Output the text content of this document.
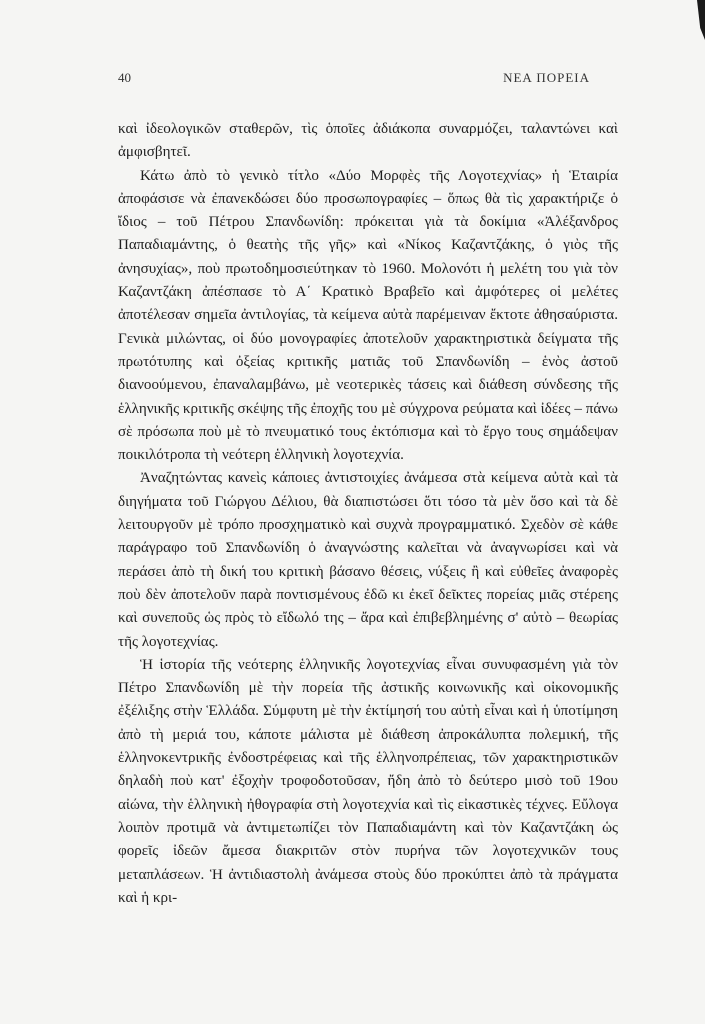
40	ΝΕΑ ΠΟΡΕΙΑ

καὶ ἰδεολογικῶν σταθερῶν, τὶς ὁποῖες ἀδιάκοπα συναρμόζει, ταλαντώνει καὶ ἀμφισβητεῖ.

Κάτω ἀπὸ τὸ γενικὸ τίτλο «Δύο Μορφὲς τῆς Λογοτεχνίας» ἡ Ἑταιρία ἀποφάσισε νὰ ἐπανεκδώσει δύο προσωπογραφίες – ὅπως θὰ τὶς χαρακτήριζε ὁ ἴδιος – τοῦ Πέτρου Σπανδωνίδη: πρόκειται γιὰ τὰ δοκίμια «Ἀλέξανδρος Παπαδιαμάντης, ὁ θεατὴς τῆς γῆς» καὶ «Νίκος Καζαντζάκης, ὁ γιὸς τῆς ἀνησυχίας», ποὺ πρωτοδημοσιεύτηκαν τὸ 1960. Μολονότι ἡ μελέτη του γιὰ τὸν Καζαντζάκη ἀπέσπασε τὸ Α΄ Κρατικὸ Βραβεῖο καὶ ἀμφότερες οἱ μελέτες ἀποτέλεσαν σημεῖα ἀντιλογίας, τὰ κείμενα αὐτὰ παρέμειναν ἔκτοτε ἀθησαύριστα. Γενικὰ μιλώντας, οἱ δύο μονογραφίες ἀποτελοῦν χαρακτηριστικὰ δείγματα τῆς πρωτότυπης καὶ ὀξείας κριτικῆς ματιᾶς τοῦ Σπανδωνίδη – ἑνὸς ἀστοῦ διανοούμενου, ἐπαναλαμβάνω, μὲ νεοτερικὲς τάσεις καὶ διάθεση σύνδεσης τῆς ἑλληνικῆς κριτικῆς σκέψης τῆς ἐποχῆς του μὲ σύγχρονα ρεύματα καὶ ἰδέες – πάνω σὲ πρόσωπα ποὺ μὲ τὸ πνευματικό τους ἐκτόπισμα καὶ τὸ ἔργο τους σημάδεψαν ποικιλότροπα τὴ νεότερη ἑλληνικὴ λογοτεχνία.

Ἀναζητώντας κανεὶς κάποιες ἀντιστοιχίες ἀνάμεσα στὰ κείμενα αὐτὰ καὶ τὰ διηγήματα τοῦ Γιώργου Δέλιου, θὰ διαπιστώσει ὅτι τόσο τὰ μὲν ὅσο καὶ τὰ δὲ λειτουργοῦν μὲ τρόπο προσχηματικὸ καὶ συχνὰ προγραμματικό. Σχεδὸν σὲ κάθε παράγραφο τοῦ Σπανδωνίδη ὁ ἀναγνώστης καλεῖται νὰ ἀναγνωρίσει καὶ νὰ περάσει ἀπὸ τὴ δική του κριτικὴ βάσανο θέσεις, νύξεις ἢ καὶ εὐθεῖες ἀναφορὲς ποὺ δὲν ἀποτελοῦν παρὰ ποντισμένους ἐδῶ κι ἐκεῖ δεῖκτες πορείας μιᾶς στέρεης καὶ συνεποῦς ὡς πρὸς τὸ εἴδωλό της – ἄρα καὶ ἐπιβεβλημένης σ' αὐτὸ – θεωρίας τῆς λογοτεχνίας.

Ἡ ἱστορία τῆς νεότερης ἑλληνικῆς λογοτεχνίας εἶναι συνυφασμένη γιὰ τὸν Πέτρο Σπανδωνίδη μὲ τὴν πορεία τῆς ἀστικῆς κοινωνικῆς καὶ οἰκονομικῆς ἐξέλιξης στὴν Ἑλλάδα. Σύμφυτη μὲ τὴν ἐκτίμησή του αὐτὴ εἶναι καὶ ἡ ὑποτίμηση ἀπὸ τὴ μεριά του, κάποτε μάλιστα μὲ διάθεση ἀπροκάλυπτα πολεμική, τῆς ἑλληνοκεντρικῆς ἐνδοστρέφειας καὶ τῆς ἑλληνοπρέπειας, τῶν χαρακτηριστικῶν δηλαδὴ ποὺ κατ' ἐξοχὴν τροφοδοτοῦσαν, ἤδη ἀπὸ τὸ δεύτερο μισὸ τοῦ 19ου αἰώνα, τὴν ἑλληνικὴ ἠθογραφία στὴ λογοτεχνία καὶ τὶς εἰκαστικὲς τέχνες. Εὔλογα λοιπὸν προτιμᾶ νὰ ἀντιμετωπίζει τὸν Παπαδιαμάντη καὶ τὸν Καζαντζάκη ὡς φορεῖς ἰδεῶν ἄμεσα διακριτῶν στὸν πυρήνα τῶν λογοτεχνικῶν τους μεταπλάσεων. Ἡ ἀντιδιαστολὴ ἀνάμεσα στοὺς δύο προκύπτει ἀπὸ τὰ πράγματα καὶ ἡ κρι-
